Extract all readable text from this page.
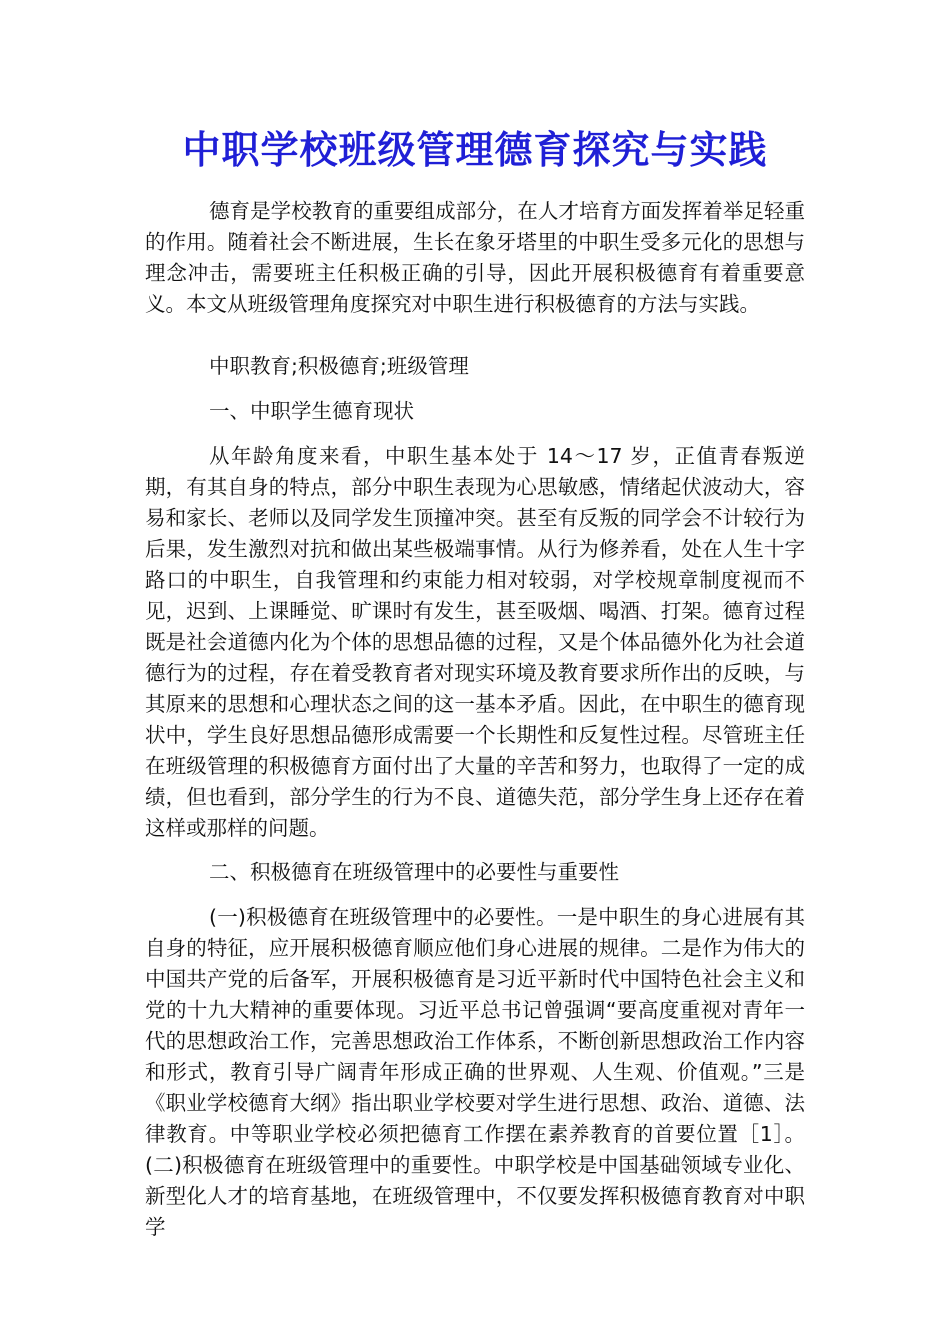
中职学校班级管理德育探究与实践

德育是学校教育的重要组成部分，在人才培育方面发挥着举足轻重的作用。随着社会不断进展，生长在象牙塔里的中职生受多元化的思想与理念冲击，需要班主任积极正确的引导，因此开展积极德育有着重要意义。本文从班级管理角度探究对中职生进行积极德育的方法与实践。

中职教育;积极德育;班级管理

一、中职学生德育现状

从年龄角度来看，中职生基本处于 14～17 岁，正值青春叛逆期，有其自身的特点，部分中职生表现为心思敏感，情绪起伏波动大，容易和家长、老师以及同学发生顶撞冲突。甚至有反叛的同学会不计较行为后果，发生激烈对抗和做出某些极端事情。从行为修养看，处在人生十字路口的中职生，自我管理和约束能力相对较弱，对学校规章制度视而不见，迟到、上课睡觉、旷课时有发生，甚至吸烟、喝酒、打架。德育过程既是社会道德内化为个体的思想品德的过程，又是个体品德外化为社会道德行为的过程，存在着受教育者对现实环境及教育要求所作出的反映，与其原来的思想和心理状态之间的这一基本矛盾。因此，在中职生的德育现状中，学生良好思想品德形成需要一个长期性和反复性过程。尽管班主任在班级管理的积极德育方面付出了大量的辛苦和努力，也取得了一定的成绩，但也看到，部分学生的行为不良、道德失范，部分学生身上还存在着这样或那样的问题。

二、积极德育在班级管理中的必要性与重要性

(一)积极德育在班级管理中的必要性。一是中职生的身心进展有其自身的特征，应开展积极德育顺应他们身心进展的规律。二是作为伟大的中国共产党的后备军，开展积极德育是习近平新时代中国特色社会主义和党的十九大精神的重要体现。习近平总书记曾强调“要高度重视对青年一代的思想政治工作，完善思想政治工作体系，不断创新思想政治工作内容和形式，教育引导广阔青年形成正确的世界观、人生观、价值观。”三是《职业学校德育大纲》指出职业学校要对学生进行思想、政治、道德、法律教育。中等职业学校必须把德育工作摆在素养教育的首要位置［1］。(二)积极德育在班级管理中的重要性。中职学校是中国基础领域专业化、新型化人才的培育基地，在班级管理中，不仅要发挥积极德育教育对中职学
